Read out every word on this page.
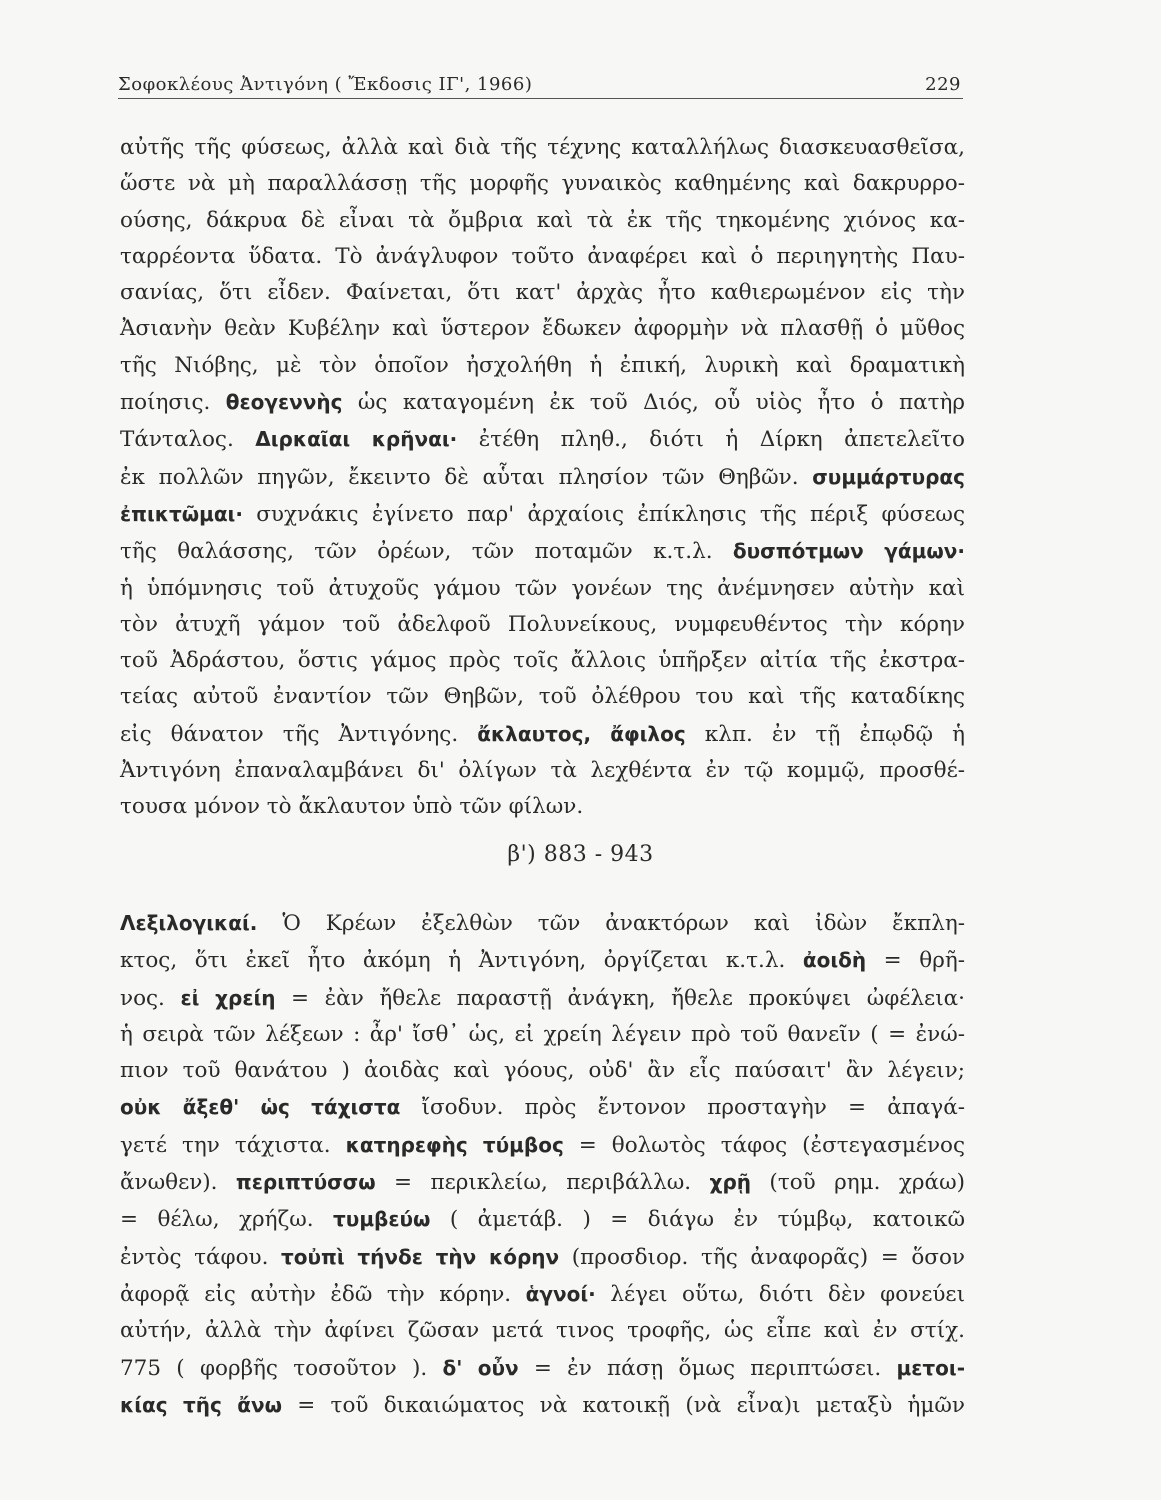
Σοφοκλέους Ἀντιγόνη ( Ἔκδοσις ΙΓ', 1966)	229
αὐτῆς τῆς φύσεως, ἀλλὰ καὶ διὰ τῆς τέχνης καταλλήλως διασκευασθεῖσα,
ὥστε νὰ μὴ παραλλάσσῃ τῆς μορφῆς γυναικὸς καθημένης καὶ δακρυρρο-
ούσης, δάκρυα δὲ εἶναι τὰ ὄμβρια καὶ τὰ ἐκ τῆς τηκομένης χιόνος κα-
ταρρέοντα ὕδατα. Τὸ ἀνάγλυφον τοῦτο ἀναφέρει καὶ ὁ περιηγητὴς Παυ-
σανίας, ὅτι εἶδεν. Φαίνεται, ὅτι κατ' ἀρχὰς ἦτο καθιερωμένον εἰς τὴν
Ἀσιανὴν θεὰν Κυβέλην καὶ ὕστερον ἔδωκεν ἀφορμὴν νὰ πλασθῇ ὁ μῦθος
τῆς Νιόβης, μὲ τὸν ὁποῖον ἠσχολήθη ἡ ἐπική, λυρικὴ καὶ δραματικὴ
ποίησις. θεογεννὴς ὡς καταγομένη ἐκ τοῦ Διός, οὗ υἱὸς ἦτο ὁ πατὴρ
Τάνταλος. Διρκαῖαι κρῆναι· ἐτέθη πληθ., διότι ἡ Δίρκη ἀπετελεῖτο
ἐκ πολλῶν πηγῶν, ἔκειντο δὲ αὗται πλησίον τῶν Θηβῶν. συμμάρτυρας
ἐπικτῶμαι· συχνάκις ἐγίνετο παρ' ἀρχαίοις ἐπίκλησις τῆς πέριξ φύσεως
τῆς θαλάσσης, τῶν ὀρέων, τῶν ποταμῶν κ.τ.λ. δυσπότμων γάμων·
ἡ ὑπόμνησις τοῦ ἀτυχοῦς γάμου τῶν γονέων της ἀνέμνησεν αὐτὴν καὶ
τὸν ἀτυχῆ γάμον τοῦ ἀδελφοῦ Πολυνείκους, νυμφευθέντος τὴν κόρην
τοῦ Ἀδράστου, ὅστις γάμος πρὸς τοῖς ἄλλοις ὑπῆρξεν αἰτία τῆς ἐκστρα-
τείας αὐτοῦ ἐναντίον τῶν Θηβῶν, τοῦ ὀλέθρου του καὶ τῆς καταδίκης
εἰς θάνατον τῆς Ἀντιγόνης. ἄκλαυτος, ἄφιλος κλπ. ἐν τῇ ἐπῳδῷ ἡ
Ἀντιγόνη ἐπαναλαμβάνει δι' ὀλίγων τὰ λεχθέντα ἐν τῷ κομμῷ, προσθέ-
τουσα μόνον τὸ ἄκλαυτον ὑπὸ τῶν φίλων.
β') 883 - 943
Λεξιλογικαί. Ὁ Κρέων ἐξελθὼν τῶν ἀνακτόρων καὶ ἰδὼν ἔκπλη-
κτος, ὅτι ἐκεῖ ἦτο ἀκόμη ἡ Ἀντιγόνη, ὀργίζεται κ.τ.λ. ἀοιδὴ = θρῆ-
νος. εἰ χρείη = ἐὰν ἤθελε παραστῇ ἀνάγκη, ἤθελε προκύψει ὠφέλεια·
ἡ σειρὰ τῶν λέξεων : ἆρ' ἴσθ᾽ ὡς, εἰ χρείη λέγειν πρὸ τοῦ θανεῖν ( = ἐνώ-
πιον τοῦ θανάτου ) ἀοιδὰς καὶ γόους, οὐδ' ἂν εἷς παύσαιτ' ἂν λέγειν;
οὐκ ἄξεθ' ὡς τάχιστα ἴσοδυν. πρὸς ἔντονον προσταγὴν = ἀπαγά-
γετέ την τάχιστα. κατηρεφὴς τύμβος = θολωτὸς τάφος (ἐστεγασμένος
ἄνωθεν). περιπτύσσω = περικλείω, περιβάλλω. χρῇ (τοῦ ρημ. χράω)
= θέλω, χρήζω. τυμβεύω ( ἀμετάβ. ) = διάγω ἐν τύμβῳ, κατοικῶ
ἐντὸς τάφου. τοὐπὶ τήνδε τὴν κόρην (προσδιορ. τῆς ἀναφορᾶς) = ὅσον
ἀφορᾷ εἰς αὐτὴν ἐδῶ τὴν κόρην. ἁγνοί· λέγει οὕτω, διότι δὲν φονεύει
αὐτήν, ἀλλὰ τὴν ἀφίνει ζῶσαν μετά τινος τροφῆς, ὡς εἶπε καὶ ἐν στίχ.
775 ( φορβῆς τοσοῦτον ). δ' οὖν = ἐν πάσῃ ὅμως περιπτώσει. μετοι-
κίας τῆς ἄνω = τοῦ δικαιώματος νὰ κατοικῇ (νὰ εἶνα)ι μεταξὺ ἡμῶν
